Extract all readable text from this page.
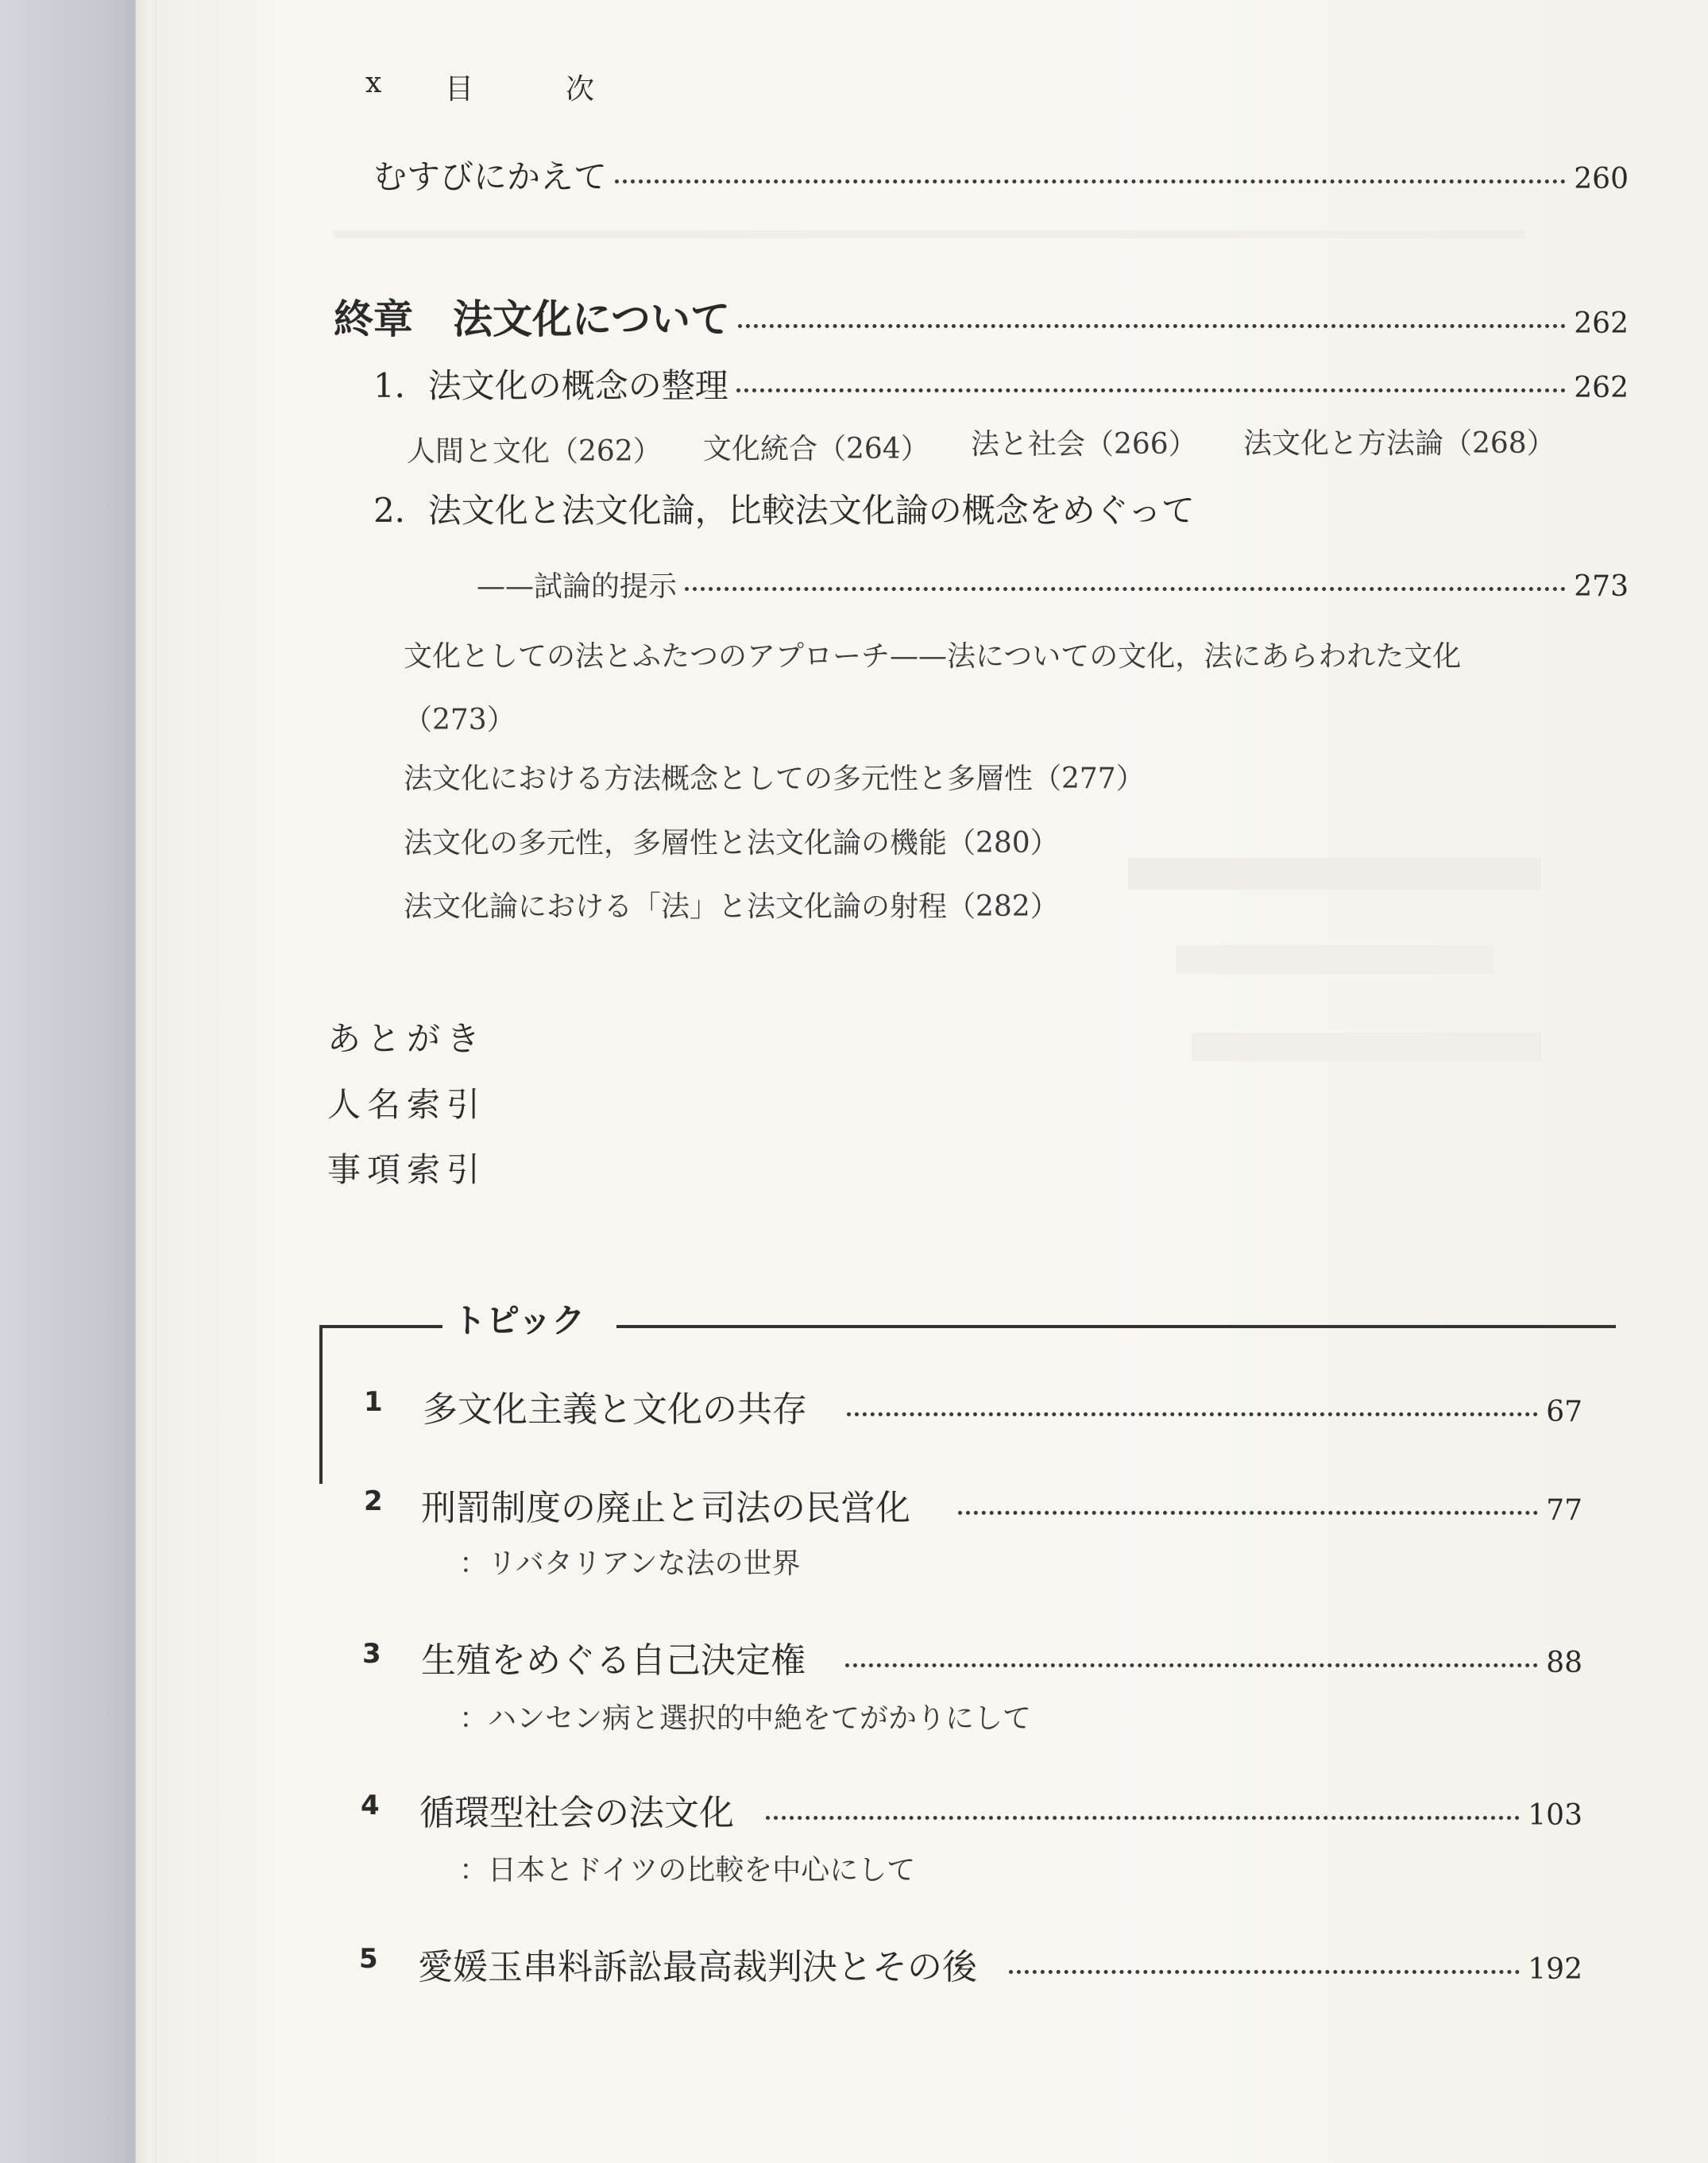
x 目　次
むすびにかえて	260
終章　法文化について	262
1．法文化の概念の整理	262
人間と文化（262） 文化統合（264） 法と社会（266） 法文化と方法論（268）
2．法文化と法文化論，比較法文化論の概念をめぐって
——試論的提示	273
文化としての法とふたつのアプローチ——法についての文化，法にあらわれた文化
（273）
法文化における方法概念としての多元性と多層性（277）
法文化の多元性，多層性と法文化論の機能（280）
法文化論における「法」と法文化論の射程（282）
あとがき
人名索引
事項索引
トピック
1 多文化主義と文化の共存	67
2 刑罰制度の廃止と司法の民営化	77
：リバタリアンな法の世界
3 生殖をめぐる自己決定権	88
：ハンセン病と選択的中絶をてがかりにして
4 循環型社会の法文化	103
：日本とドイツの比較を中心にして
5 愛媛玉串料訴訟最高裁判決とその後	192
